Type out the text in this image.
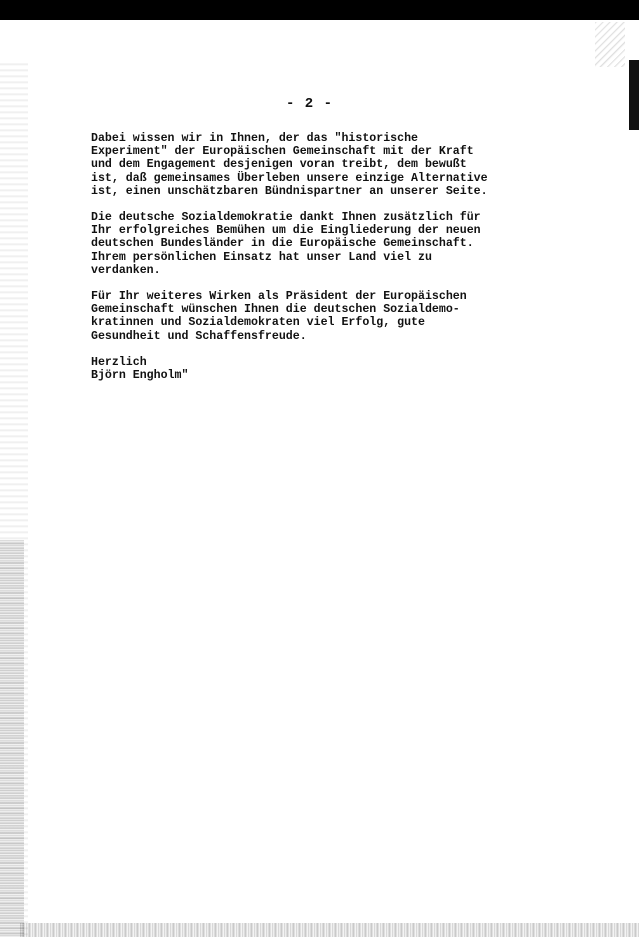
- 2 -

Dabei wissen wir in Ihnen, der das "historische
Experiment" der Europäischen Gemeinschaft mit der Kraft
und dem Engagement desjenigen voran treibt, dem bewußt
ist, daß gemeinsames Überleben unsere einzige Alternative
ist, einen unschätzbaren Bündnispartner an unserer Seite.

Die deutsche Sozialdemokratie dankt Ihnen zusätzlich für
Ihr erfolgreiches Bemühen um die Eingliederung der neuen
deutschen Bundesländer in die Europäische Gemeinschaft.
Ihrem persönlichen Einsatz hat unser Land viel zu
verdanken.

Für Ihr weiteres Wirken als Präsident der Europäischen
Gemeinschaft wünschen Ihnen die deutschen Sozialdemo-
kratinnen und Sozialdemokraten viel Erfolg, gute
Gesundheit und Schaffensfreude.

Herzlich
Björn Engholm"
